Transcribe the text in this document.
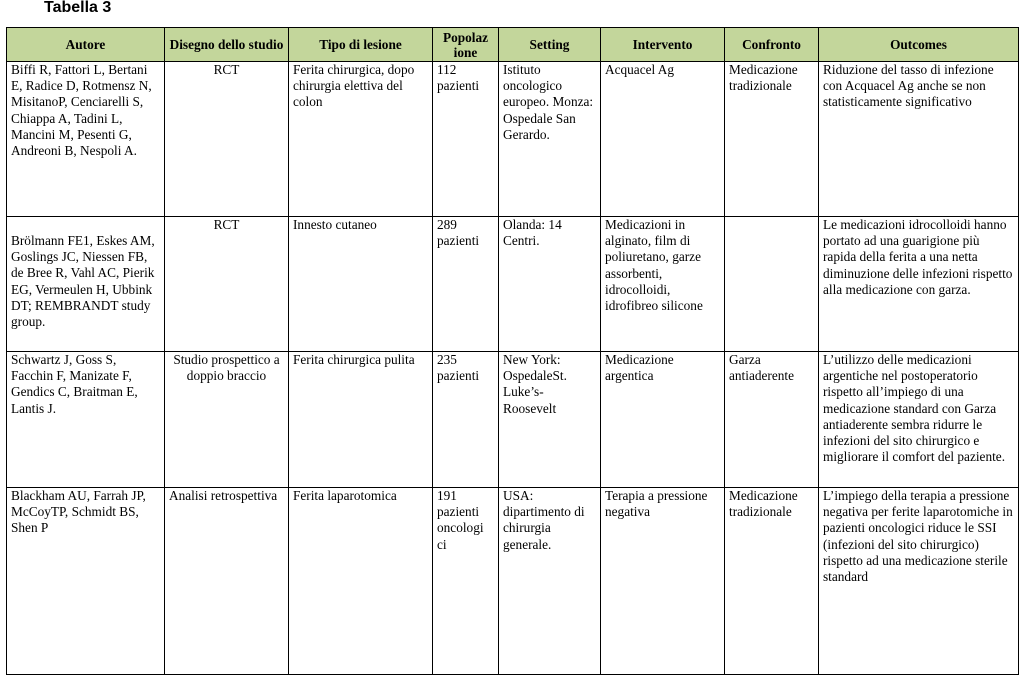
Tabella 3
Autore	Disegno dello studio	Tipo di lesione	Popolaz ione	Setting	Intervento	Confronto	Outcomes
Biffi R, Fattori L, Bertani E, Radice D, Rotmensz N, MisitanoP, Cenciarelli S, Chiappa A, Tadini L, Mancini M, Pesenti G, Andreoni B, Nespoli A.	RCT	Ferita chirurgica, dopo chirurgia elettiva del colon	112 pazienti	Istituto oncologico europeo. Monza: Ospedale San Gerardo.	Acquacel Ag	Medicazione tradizionale	Riduzione del tasso di infezione con Acquacel Ag anche se non statisticamente significativo

Brölmann FE1, Eskes AM, Goslings JC, Niessen FB, de Bree R, Vahl AC, Pierik EG, Vermeulen H, Ubbink DT; REMBRANDT study group.	RCT	Innesto cutaneo	289 pazienti	Olanda: 14 Centri.	Medicazioni in alginato, film di poliuretano, garze assorbenti, idrocolloidi, idrofibreo silicone		Le medicazioni idrocolloidi hanno portato ad una guarigione più rapida della ferita a una netta diminuzione delle infezioni rispetto alla medicazione con garza.
Schwartz J, Goss S, Facchin F, Manizate F, Gendics C, Braitman E, Lantis J.	Studio prospettico a doppio braccio	Ferita chirurgica pulita	235 pazienti	New York: OspedaleSt. Luke’s-Roosevelt	Medicazione argentica	Garza antiaderente	L’utilizzo delle medicazioni argentiche nel postoperatorio rispetto all’impiego di una medicazione standard con Garza antiaderente sembra ridurre le infezioni del sito chirurgico e migliorare il comfort del paziente.
Blackham AU, Farrah JP, McCoyTP, Schmidt BS, Shen P	Analisi retrospettiva	Ferita laparotomica	191 pazienti oncologi ci	USA: dipartimento di chirurgia generale.	Terapia a pressione negativa	Medicazione tradizionale	L’impiego della terapia a pressione negativa per ferite laparotomiche in pazienti oncologici riduce le SSI (infezioni del sito chirurgico) rispetto ad una medicazione sterile standard
